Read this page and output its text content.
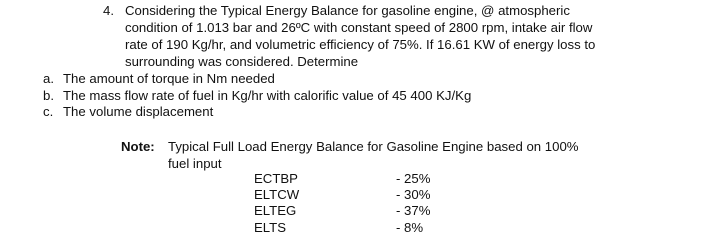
4. Considering the Typical Energy Balance for gasoline engine, @ atmospheric
condition of 1.013 bar and 26ºC with constant speed of 2800 rpm, intake air flow
rate of 190 Kg/hr, and volumetric efficiency of 75%. If 16.61 KW of energy loss to
surrounding was considered. Determine
a. The amount of torque in Nm needed
b. The mass flow rate of fuel in Kg/hr with calorific value of 45 400 KJ/Kg
c. The volume displacement
Note: Typical Full Load Energy Balance for Gasoline Engine based on 100%
fuel input
ECTBP	- 25%
ELTCW	- 30%
ELTEG	- 37%
ELTS	- 8%
